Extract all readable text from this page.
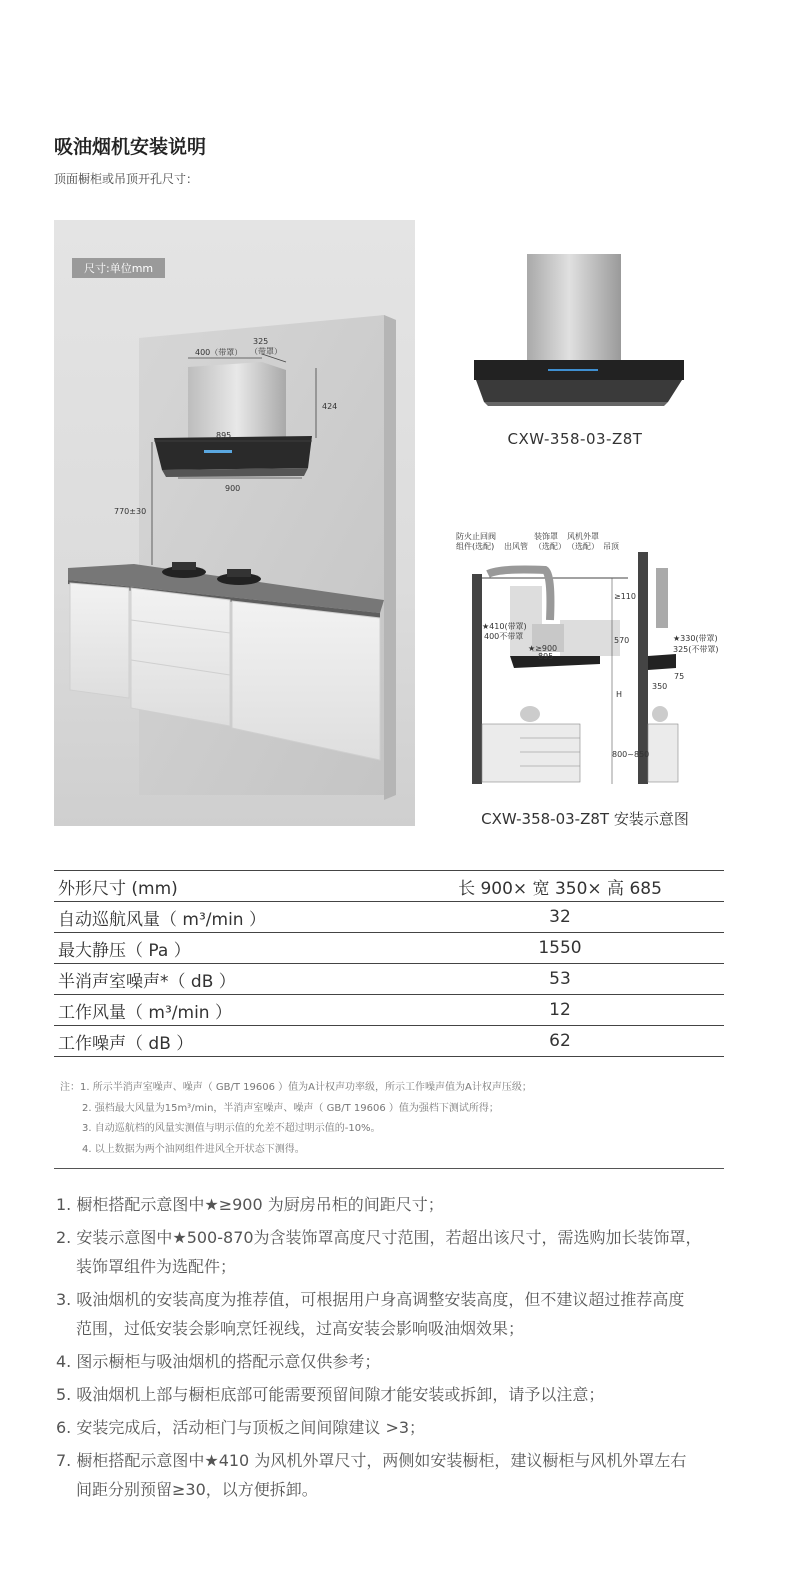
吸油烟机安装说明
顶面橱柜或吊顶开孔尺寸：
尺寸:单位mm
400（带罩）
325
（带罩）
424
895
900
770±30
CXW-358-03-Z8T
防火止回阀
组件(选配) 出风管
装饰罩
（选配）
风机外罩
（选配） 吊顶
★410(带罩)
400不带罩
★≥900
895
≥110
570
H
800~850
★330(带罩)
325(不带罩)
350
75
CXW-358-03-Z8T 安装示意图
外形尺寸 (mm)	长 900× 宽 350× 高 685
自动巡航风量（ m³/min ）	32
最大静压（ Pa ）	1550
半消声室噪声*（ dB ）	53
工作风量（ m³/min ）	12
工作噪声（ dB ）	62
注：1. 所示半消声室噪声、噪声（ GB/T 19606 ）值为A计权声功率级，所示工作噪声值为A计权声压级；
2. 强档最大风量为15m³/min，半消声室噪声、噪声（ GB/T 19606 ）值为强档下测试所得；
3. 自动巡航档的风量实测值与明示值的允差不超过明示值的-10%。
4. 以上数据为两个油网组件进风全开状态下测得。
1. 橱柜搭配示意图中★≥900 为厨房吊柜的间距尺寸；
2. 安装示意图中★500-870为含装饰罩高度尺寸范围，若超出该尺寸，需选购加长装饰罩，
装饰罩组件为选配件；
3. 吸油烟机的安装高度为推荐值，可根据用户身高调整安装高度，但不建议超过推荐高度
范围，过低安装会影响烹饪视线，过高安装会影响吸油烟效果；
4. 图示橱柜与吸油烟机的搭配示意仅供参考；
5. 吸油烟机上部与橱柜底部可能需要预留间隙才能安装或拆卸，请予以注意；
6. 安装完成后，活动柜门与顶板之间间隙建议 >3；
7. 橱柜搭配示意图中★410 为风机外罩尺寸，两侧如安装橱柜，建议橱柜与风机外罩左右
间距分别预留≥30，以方便拆卸。
